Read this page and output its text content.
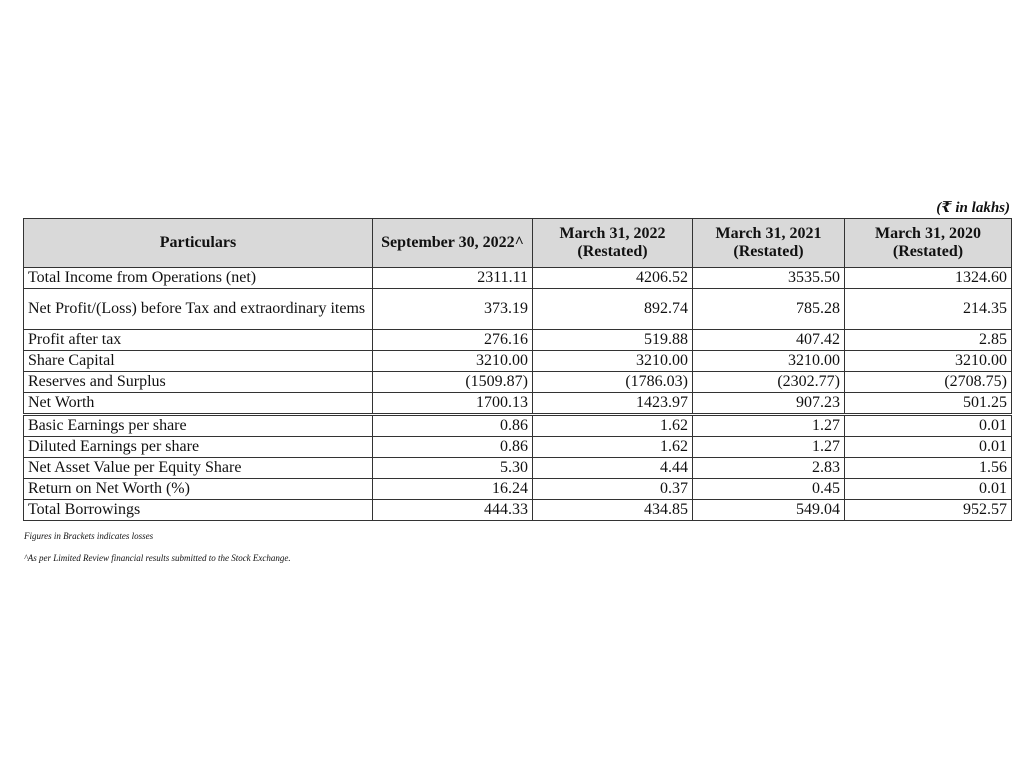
(₹ in lakhs)
Particulars	September 30, 2022^	March 31, 2022 (Restated)	March 31, 2021 (Restated)	March 31, 2020 (Restated)
Total Income from Operations (net)	2311.11	4206.52	3535.50	1324.60
Net Profit/(Loss) before Tax and extraordinary items	373.19	892.74	785.28	214.35
Profit after tax	276.16	519.88	407.42	2.85
Share Capital	3210.00	3210.00	3210.00	3210.00
Reserves and Surplus	(1509.87)	(1786.03)	(2302.77)	(2708.75)
Net Worth	1700.13	1423.97	907.23	501.25
Basic Earnings per share	0.86	1.62	1.27	0.01
Diluted Earnings per share	0.86	1.62	1.27	0.01
Net Asset Value per Equity Share	5.30	4.44	2.83	1.56
Return on Net Worth (%)	16.24	0.37	0.45	0.01
Total Borrowings	444.33	434.85	549.04	952.57
Figures in Brackets indicates losses
^As per Limited Review financial results submitted to the Stock Exchange.
